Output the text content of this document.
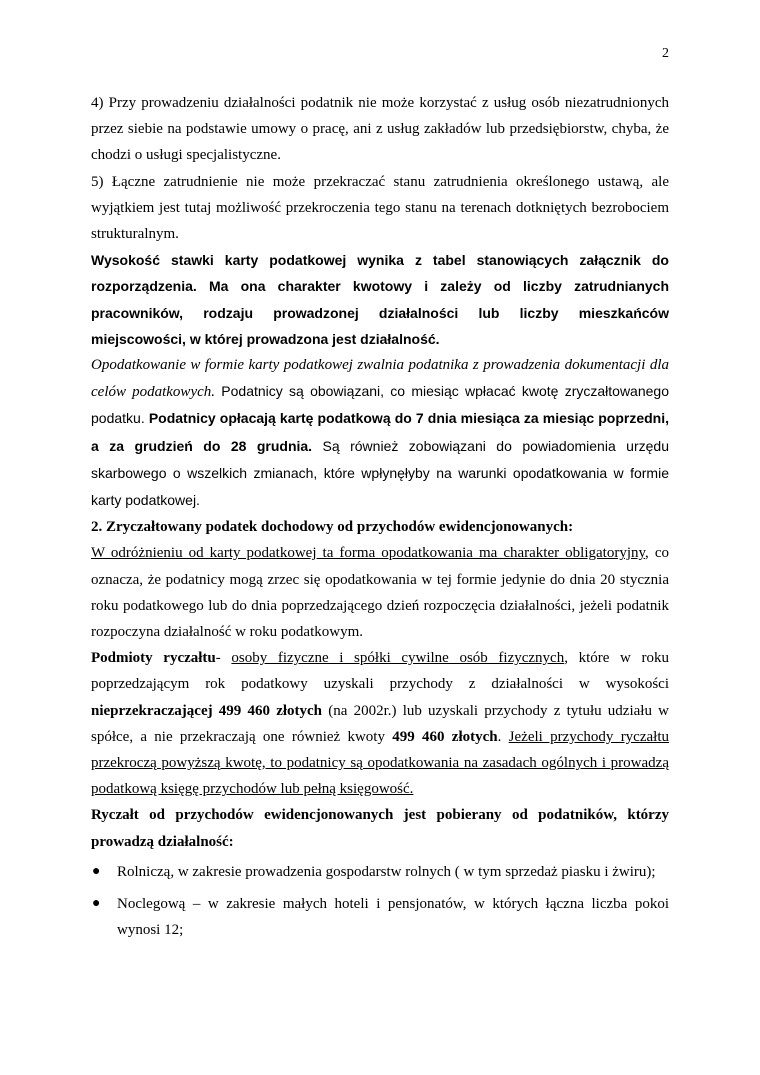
2

4) Przy prowadzeniu działalności podatnik nie może korzystać z usług osób niezatrudnionych przez siebie na podstawie umowy o pracę, ani z usług zakładów lub przedsiębiorstw, chyba, że chodzi o usługi specjalistyczne.

5) Łączne zatrudnienie nie może przekraczać stanu zatrudnienia określonego ustawą, ale wyjątkiem jest tutaj możliwość przekroczenia tego stanu na terenach dotkniętych bezrobociem strukturalnym.

Wysokość stawki karty podatkowej wynika z tabel stanowiących załącznik do rozporządzenia. Ma ona charakter kwotowy i zależy od liczby zatrudnianych pracowników, rodzaju prowadzonej działalności lub liczby mieszkańców miejscowości, w której prowadzona jest działalność.

Opodatkowanie w formie karty podatkowej zwalnia podatnika z prowadzenia dokumentacji dla celów podatkowych. Podatnicy są obowiązani, co miesiąc wpłacać kwotę zryczałtowanego podatku. Podatnicy opłacają kartę podatkową do 7 dnia miesiąca za miesiąc poprzedni, a za grudzień do 28 grudnia. Są również zobowiązani do powiadomienia urzędu skarbowego o wszelkich zmianach, które wpłynęłyby na warunki opodatkowania w formie karty podatkowej.

2. Zryczałtowany podatek dochodowy od przychodów ewidencjonowanych:

W odróżnieniu od karty podatkowej ta forma opodatkowania ma charakter obligatoryjny, co oznacza, że podatnicy mogą zrzec się opodatkowania w tej formie jedynie do dnia 20 stycznia roku podatkowego lub do dnia poprzedzającego dzień rozpoczęcia działalności, jeżeli podatnik rozpoczyna działalność w roku podatkowym.

Podmioty ryczałtu- osoby fizyczne i spółki cywilne osób fizycznych, które w roku poprzedzającym rok podatkowy uzyskali przychody z działalności w wysokości nieprzekraczającej 499 460 złotych (na 2002r.) lub uzyskali przychody z tytułu udziału w spółce, a nie przekraczają one również kwoty 499 460 złotych. Jeżeli przychody ryczałtu przekroczą powyższą kwotę, to podatnicy są opodatkowania na zasadach ogólnych i prowadzą podatkową księgę przychodów lub pełną księgowość.

Ryczałt od przychodów ewidencjonowanych jest pobierany od podatników, którzy prowadzą działalność:

● Rolniczą, w zakresie prowadzenia gospodarstw rolnych ( w tym sprzedaż piasku i żwiru);
● Noclegową – w zakresie małych hoteli i pensjonatów, w których łączna liczba pokoi wynosi 12;
